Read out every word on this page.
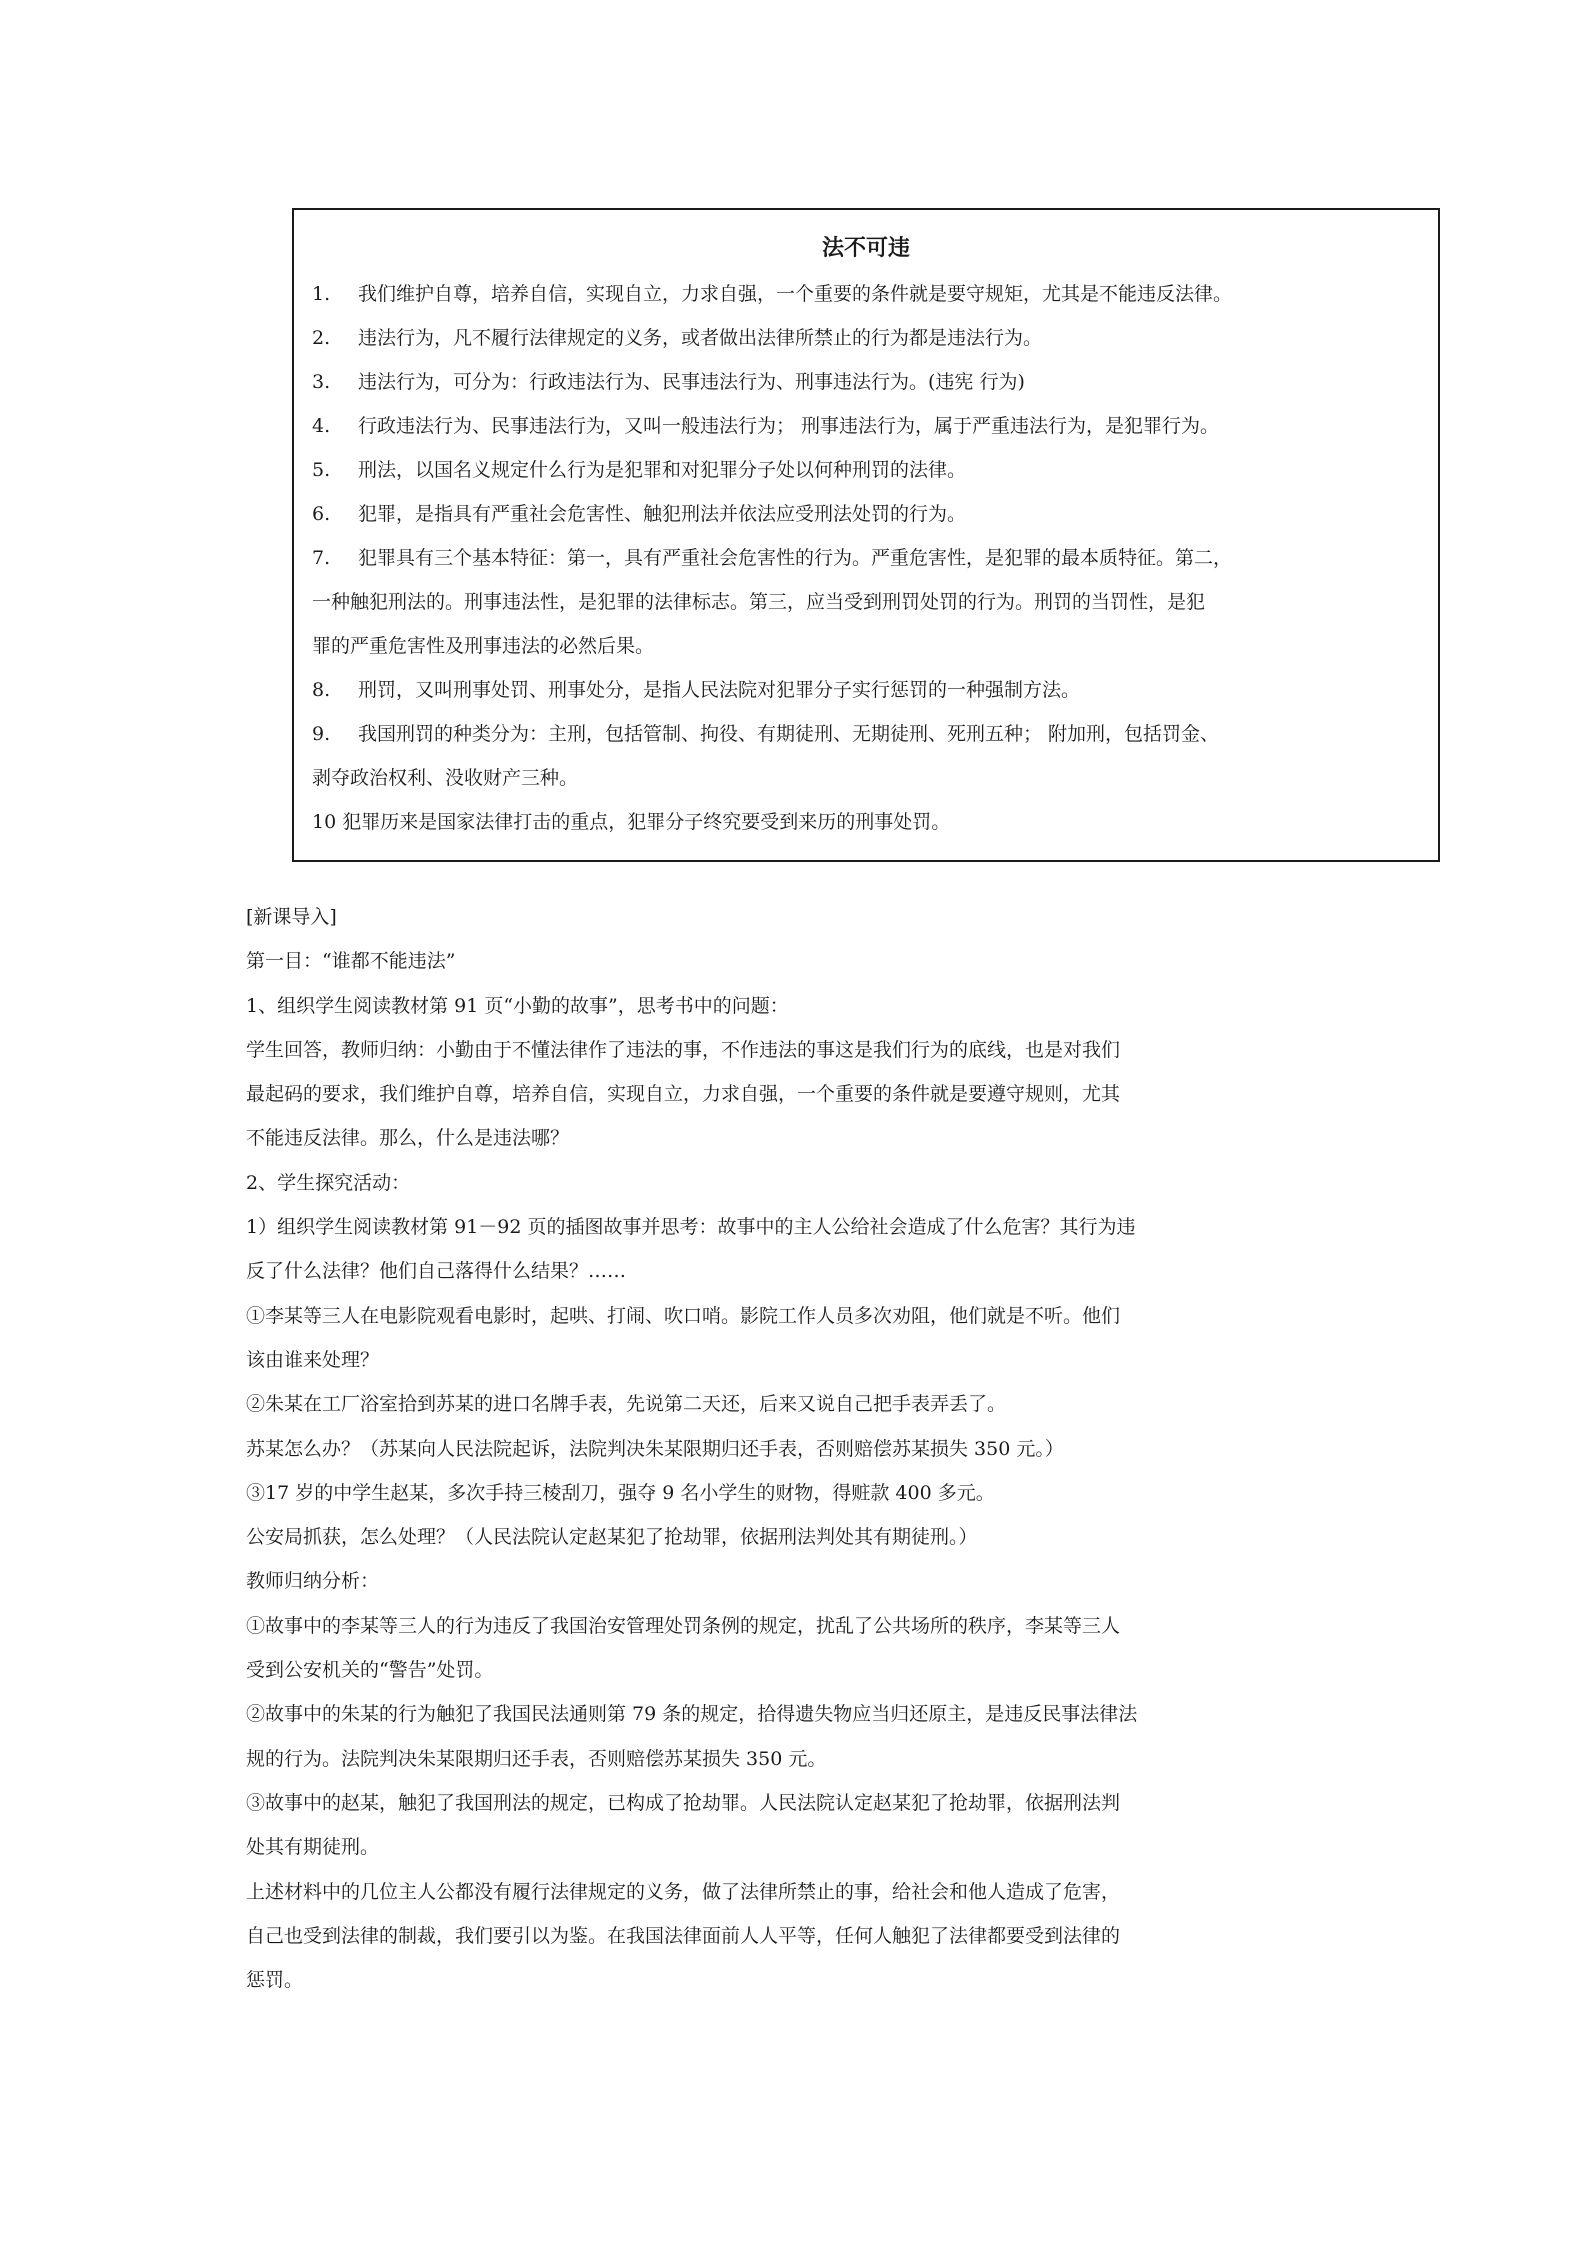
法不可违
1. 我们维护自尊，培养自信，实现自立，力求自强，一个重要的条件就是要守规矩，尤其是不能违反法律。
2. 违法行为，凡不履行法律规定的义务，或者做出法律所禁止的行为都是违法行为。
3. 违法行为，可分为：行政违法行为、民事违法行为、刑事违法行为。(违宪 行为)
4. 行政违法行为、民事违法行为，又叫一般违法行为； 刑事违法行为，属于严重违法行为，是犯罪行为。
5. 刑法，以国名义规定什么行为是犯罪和对犯罪分子处以何种刑罚的法律。
6. 犯罪，是指具有严重社会危害性、触犯刑法并依法应受刑法处罚的行为。
7. 犯罪具有三个基本特征：第一，具有严重社会危害性的行为。严重危害性，是犯罪的最本质特征。第二，
一种触犯刑法的。刑事违法性，是犯罪的法律标志。第三，应当受到刑罚处罚的行为。刑罚的当罚性，是犯
罪的严重危害性及刑事违法的必然后果。
8. 刑罚，又叫刑事处罚、刑事处分，是指人民法院对犯罪分子实行惩罚的一种强制方法。
9. 我国刑罚的种类分为：主刑，包括管制、拘役、有期徒刑、无期徒刑、死刑五种； 附加刑，包括罚金、
剥夺政治权利、没收财产三种。
10 犯罪历来是国家法律打击的重点，犯罪分子终究要受到来历的刑事处罚。
[新课导入]
第一目：“谁都不能违法”
1、组织学生阅读教材第 91 页“小勤的故事”，思考书中的问题：
学生回答，教师归纳：小勤由于不懂法律作了违法的事，不作违法的事这是我们行为的底线，也是对我们
最起码的要求，我们维护自尊，培养自信，实现自立，力求自强，一个重要的条件就是要遵守规则，尤其
不能违反法律。那么，什么是违法哪？
2、学生探究活动：
1）组织学生阅读教材第 91－92 页的插图故事并思考：故事中的主人公给社会造成了什么危害？其行为违
反了什么法律？他们自己落得什么结果？……
①李某等三人在电影院观看电影时，起哄、打闹、吹口哨。影院工作人员多次劝阻，他们就是不听。他们
该由谁来处理？
②朱某在工厂浴室拾到苏某的进口名牌手表，先说第二天还，后来又说自己把手表弄丢了。
苏某怎么办？（苏某向人民法院起诉，法院判决朱某限期归还手表，否则赔偿苏某损失 350 元。）
③17 岁的中学生赵某，多次手持三棱刮刀，强夺 9 名小学生的财物，得赃款 400 多元。
公安局抓获，怎么处理？（人民法院认定赵某犯了抢劫罪，依据刑法判处其有期徒刑。）
教师归纳分析：
①故事中的李某等三人的行为违反了我国治安管理处罚条例的规定，扰乱了公共场所的秩序，李某等三人
受到公安机关的“警告”处罚。
②故事中的朱某的行为触犯了我国民法通则第 79 条的规定，拾得遗失物应当归还原主，是违反民事法律法
规的行为。法院判决朱某限期归还手表，否则赔偿苏某损失 350 元。
③故事中的赵某，触犯了我国刑法的规定，已构成了抢劫罪。人民法院认定赵某犯了抢劫罪，依据刑法判
处其有期徒刑。
上述材料中的几位主人公都没有履行法律规定的义务，做了法律所禁止的事，给社会和他人造成了危害，
自己也受到法律的制裁，我们要引以为鉴。在我国法律面前人人平等，任何人触犯了法律都要受到法律的
惩罚。
